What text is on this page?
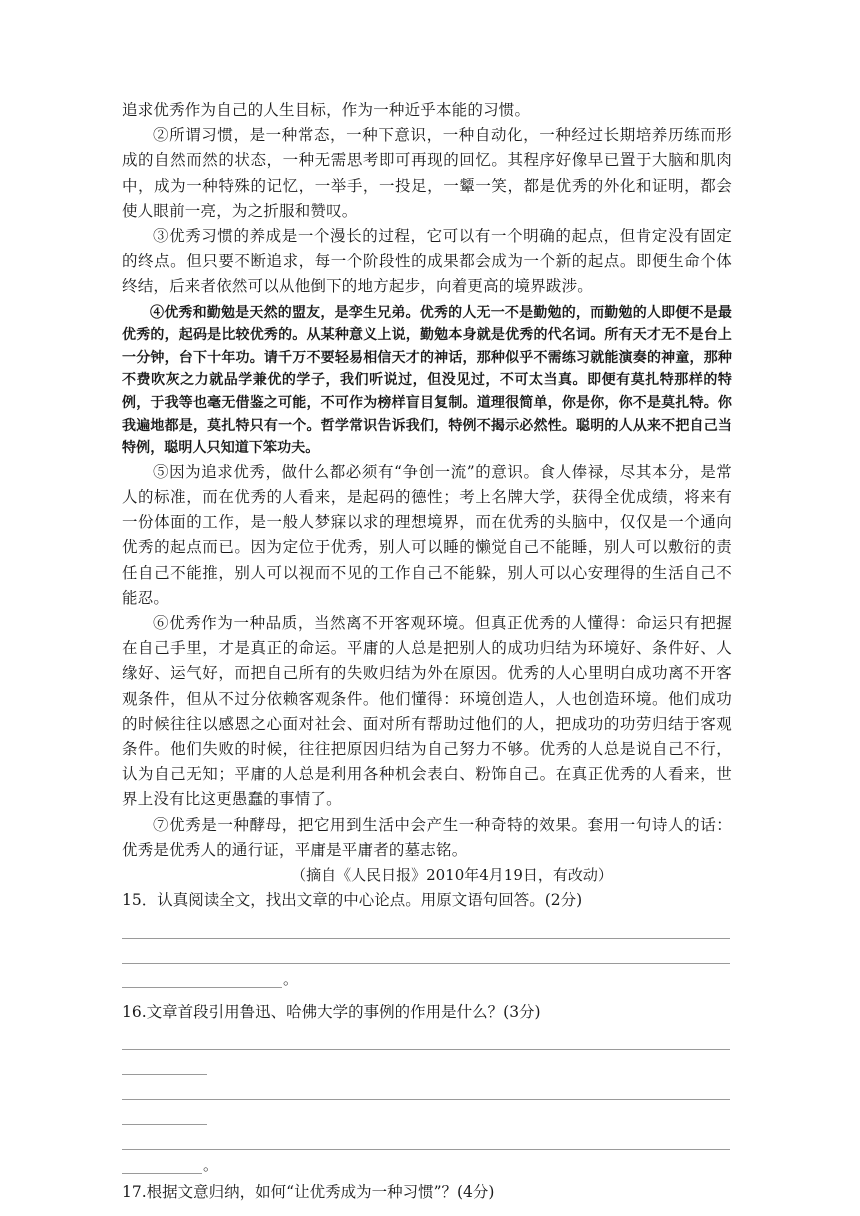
追求优秀作为自己的人生目标，作为一种近乎本能的习惯。

②所谓习惯，是一种常态，一种下意识，一种自动化，一种经过长期培养历练而形成的自然而然的状态，一种无需思考即可再现的回忆。其程序好像早已置于大脑和肌肉中，成为一种特殊的记忆，一举手，一投足，一颦一笑，都是优秀的外化和证明，都会使人眼前一亮，为之折服和赞叹。

③优秀习惯的养成是一个漫长的过程，它可以有一个明确的起点，但肯定没有固定的终点。但只要不断追求，每一个阶段性的成果都会成为一个新的起点。即便生命个体终结，后来者依然可以从他倒下的地方起步，向着更高的境界跋涉。

④优秀和勤勉是天然的盟友，是孪生兄弟。优秀的人无一不是勤勉的，而勤勉的人即便不是最优秀的，起码是比较优秀的。从某种意义上说，勤勉本身就是优秀的代名词。所有天才无不是台上一分钟，台下十年功。请千万不要轻易相信天才的神话，那种似乎不需练习就能演奏的神童，那种不费吹灰之力就品学兼优的学子，我们听说过，但没见过，不可太当真。即便有莫扎特那样的特例，于我等也毫无借鉴之可能，不可作为榜样盲目复制。道理很简单，你是你，你不是莫扎特。你我遍地都是，莫扎特只有一个。哲学常识告诉我们，特例不揭示必然性。聪明的人从来不把自己当特例，聪明人只知道下笨功夫。

⑤因为追求优秀，做什么都必须有“争创一流”的意识。食人俸禄，尽其本分，是常人的标准，而在优秀的人看来，是起码的德性；考上名牌大学，获得全优成绩，将来有一份体面的工作，是一般人梦寐以求的理想境界，而在优秀的头脑中，仅仅是一个通向优秀的起点而已。因为定位于优秀，别人可以睡的懒觉自己不能睡，别人可以敷衍的责任自己不能推，别人可以视而不见的工作自己不能躲，别人可以心安理得的生活自己不能忍。

⑥优秀作为一种品质，当然离不开客观环境。但真正优秀的人懂得：命运只有把握在自己手里，才是真正的命运。平庸的人总是把别人的成功归结为环境好、条件好、人缘好、运气好，而把自己所有的失败归结为外在原因。优秀的人心里明白成功离不开客观条件，但从不过分依赖客观条件。他们懂得：环境创造人，人也创造环境。他们成功的时候往往以感恩之心面对社会、面对所有帮助过他们的人，把成功的功劳归结于客观条件。他们失败的时候，往往把原因归结为自己努力不够。优秀的人总是说自己不行，认为自己无知；平庸的人总是利用各种机会表白、粉饰自己。在真正优秀的人看来，世界上没有比这更愚蠢的事情了。

⑦优秀是一种酵母，把它用到生活中会产生一种奇特的效果。套用一句诗人的话：优秀是优秀人的通行证，平庸是平庸者的墓志铭。

（摘自《人民日报》2010年4月19日，有改动）

15．认真阅读全文，找出文章的中心论点。用原文语句回答。(2分)

。

16.文章首段引用鲁迅、哈佛大学的事例的作用是什么？(3分)

。

17.根据文意归纳，如何“让优秀成为一种习惯”？(4分)
